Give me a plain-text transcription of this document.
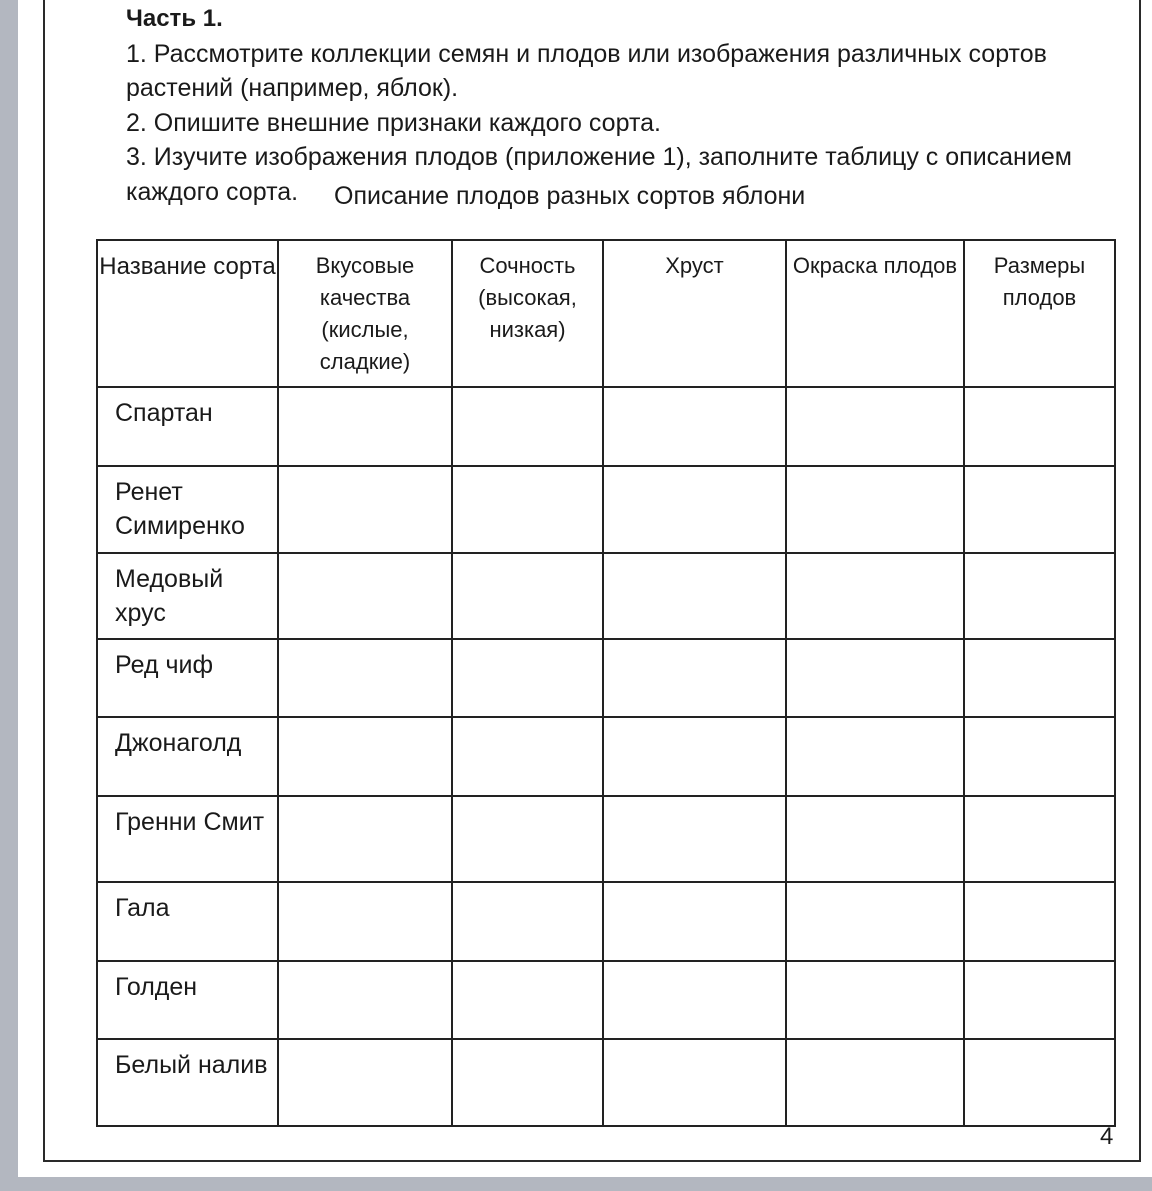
Часть 1.

1. Рассмотрите коллекции семян и плодов или изображения различных сортов растений (например, яблок).

2. Опишите внешние признаки каждого сорта.

3. Изучите изображения плодов (приложение 1), заполните таблицу с описанием каждого сорта.	Описание плодов разных сортов яблони
Название сорта	Вкусовые качества (кислые, сладкие)	Сочность (высокая, низкая)	Хруст	Окраска плодов	Размеры плодов
Спартан	

Ренет Симиренко	

Медовый хрус	

Ред чиф	

Джонаголд	

Гренни Смит	

Гала	

Голден	

Белый налив	

4
